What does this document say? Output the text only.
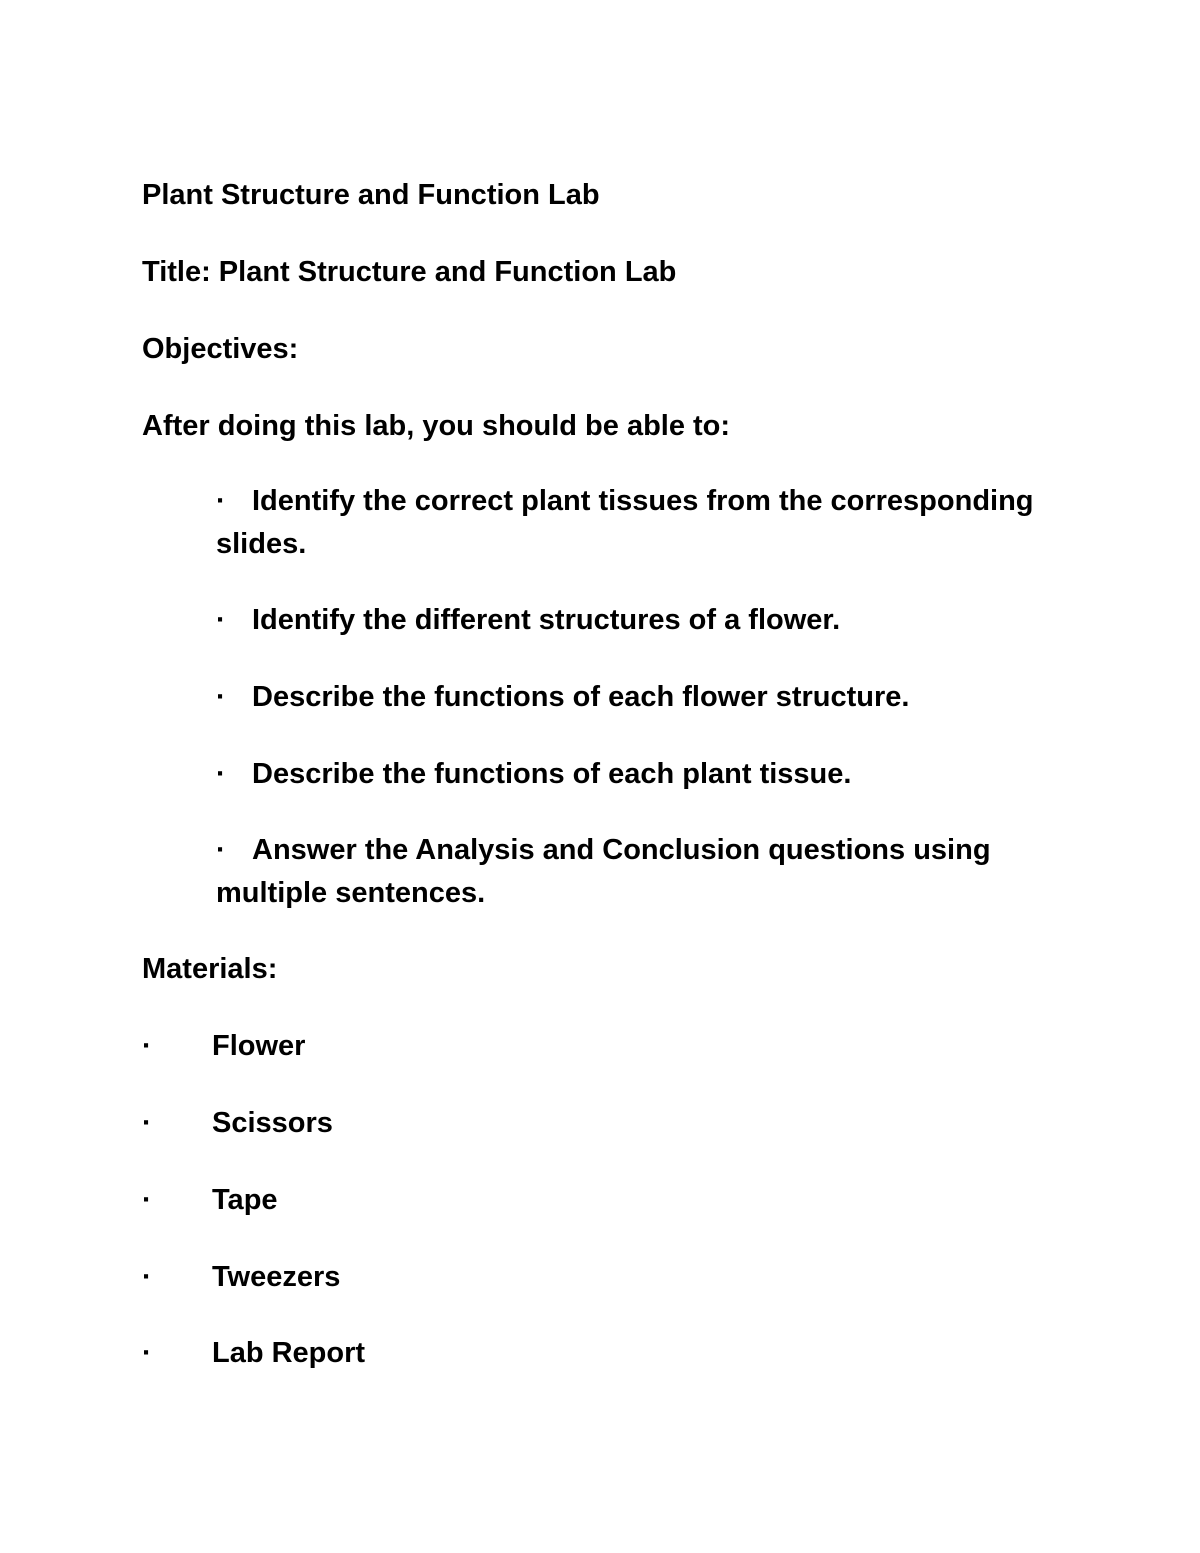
Plant Structure and Function Lab
Title: Plant Structure and Function Lab
Objectives:
After doing this lab, you should be able to:
· Identify the correct plant tissues from the corresponding slides.
· Identify the different structures of a flower.
· Describe the functions of each flower structure.
· Describe the functions of each plant tissue.
· Answer the Analysis and Conclusion questions using multiple sentences.
Materials:
· Flower
· Scissors
· Tape
· Tweezers
· Lab Report
